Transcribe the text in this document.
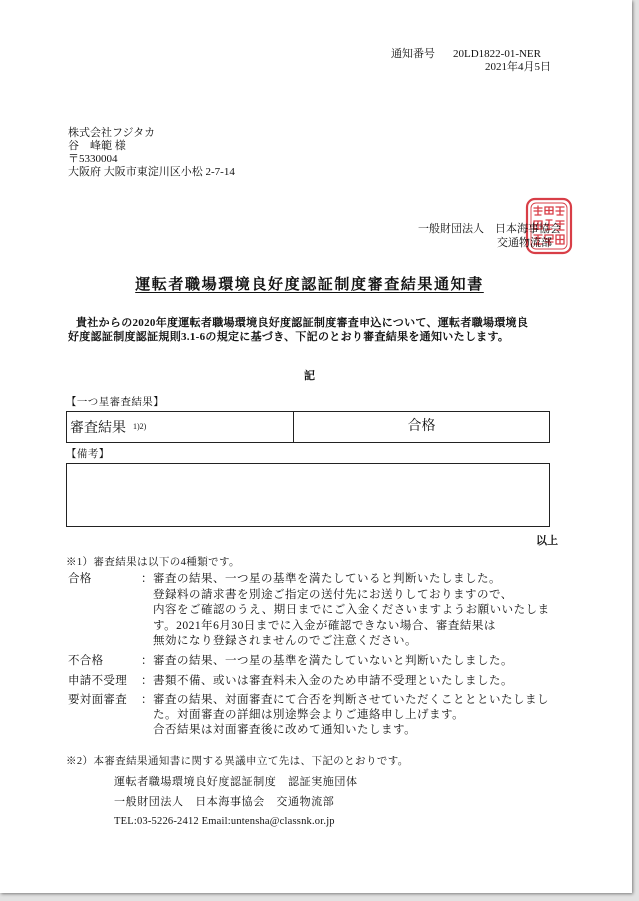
通知番号 20LD1822-01-NER
2021年4月5日
株式会社フジタカ
谷　峰範 様
〒5330004
大阪府 大阪市東淀川区小松 2-7-14
一般財団法人　日本海事協会
交通物流部
運転者職場環境良好度認証制度審査結果通知書
貴社からの2020年度運転者職場環境良好度認証制度審査申込について、運転者職場環境良
好度認証制度認証規則3.1-6の規定に基づき、下記のとおり審査結果を通知いたします。
記
【一つ星審査結果】
審査結果 $^{1)2)}$	合格
【備考】
以上
※1）審査結果は以下の4種類です。
合格	： 審査の結果、一つ星の基準を満たしていると判断いたしました。
登録料の請求書を別途ご指定の送付先にお送りしておりますので、
内容をご確認のうえ、期日までにご入金くださいますようお願いいたしま
す。2021年6月30日までに入金が確認できない場合、審査結果は
無効になり登録されませんのでご注意ください。
不合格	： 審査の結果、一つ星の基準を満たしていないと判断いたしました。
申請不受理 ： 書類不備、或いは審査料未入金のため申請不受理といたしました。
要対面審査 ： 審査の結果、対面審査にて合否を判断させていただくこととといたしまし
た。対面審査の詳細は別途弊会よりご連絡申し上げます。
合否結果は対面審査後に改めて通知いたします。
※2）本審査結果通知書に関する異議申立て先は、下記のとおりです。
運転者職場環境良好度認証制度　認証実施団体
一般財団法人　日本海事協会　交通物流部
TEL:03-5226-2412 Email:untensha@classnk.or.jp
